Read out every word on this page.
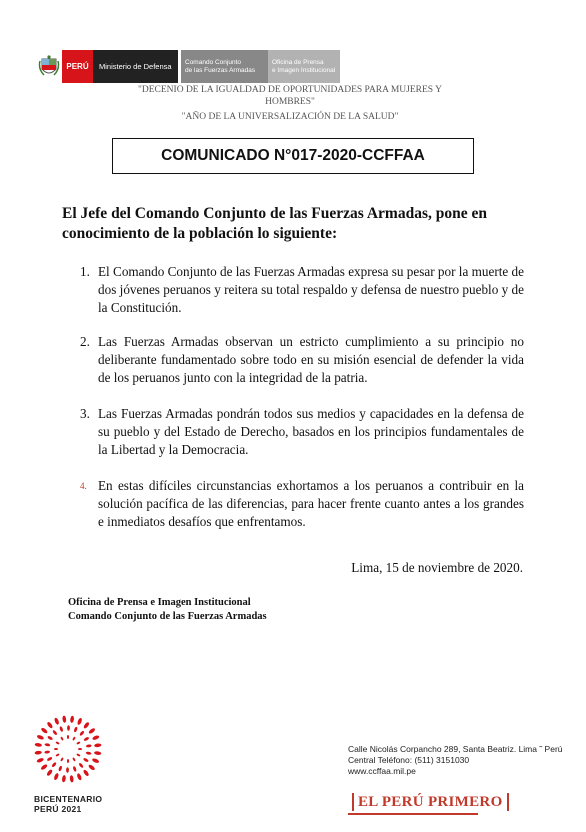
PERÚ	Ministerio de Defensa	Comando Conjunto
de las Fuerzas Armadas
Oficina de Prensa
e Imagen Institucional
"DECENIO DE LA IGUALDAD DE OPORTUNIDADES PARA MUJERES Y HOMBRES"
"AÑO DE LA UNIVERSALIZACIÓN DE LA SALUD"
COMUNICADO N°017-2020-CCFFAA
El Jefe del Comando Conjunto de las Fuerzas Armadas, pone en conocimiento de la población lo siguiente:
1. El Comando Conjunto de las Fuerzas Armadas expresa su pesar por la muerte de dos jóvenes peruanos y reitera su total respaldo y defensa de nuestro pueblo y de la Constitución.
2. Las Fuerzas Armadas observan un estricto cumplimiento a su principio no deliberante fundamentado sobre todo en su misión esencial de defender la vida de los peruanos junto con la integridad de la patria.
3. Las Fuerzas Armadas pondrán todos sus medios y capacidades en la defensa de su pueblo y del Estado de Derecho, basados en los principios fundamentales de la Libertad y la Democracia.
4. En estas difíciles circunstancias exhortamos a los peruanos a contribuir en la solución pacífica de las diferencias, para hacer frente cuanto antes a los grandes e inmediatos desafíos que enfrentamos.
Lima, 15 de noviembre de 2020.
Oficina de Prensa e Imagen Institucional
Comando Conjunto de las Fuerzas Armadas
BICENTENARIO
PERÚ 2021
Calle Nicolás Corpancho 289, Santa Beatriz. Lima ˜ Perú
Central Teléfono: (511) 3151030
www.ccffaa.mil.pe
EL PERÚ
PRIMERO
